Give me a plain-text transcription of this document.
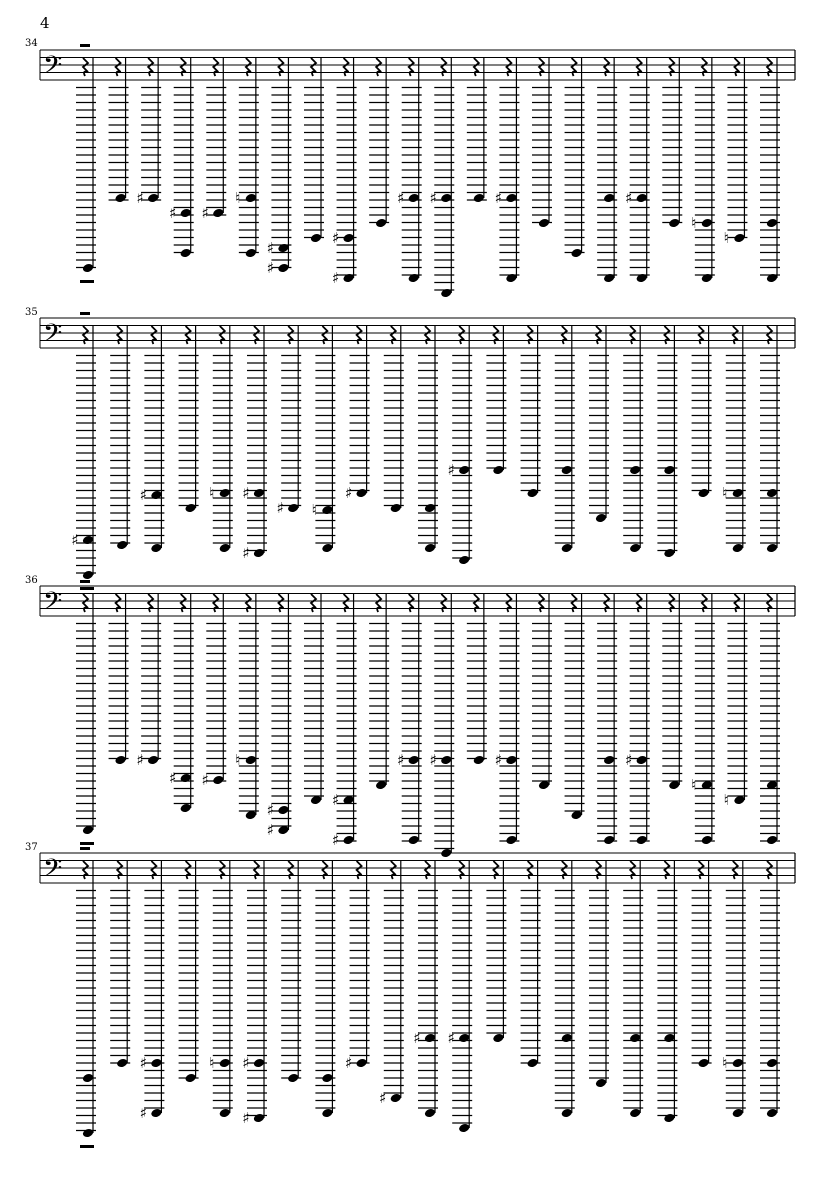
4
34
35
36
37
𝄢
♯
♯ ♯
♮
♯
♯
♯
♯
♯ ♯	♯	♯
♮
♮
𝄢
♯
♯	♮ ♯
♯
♯ ♮
♯
♯
♮
𝄢
♯
♯ ♯
♮
♯
♯
♯
♯
♯ ♯	♯	♯
♮
♮
𝄢
♯
♯
♮ ♯
♯
♯
♯
♯ ♯
♮
